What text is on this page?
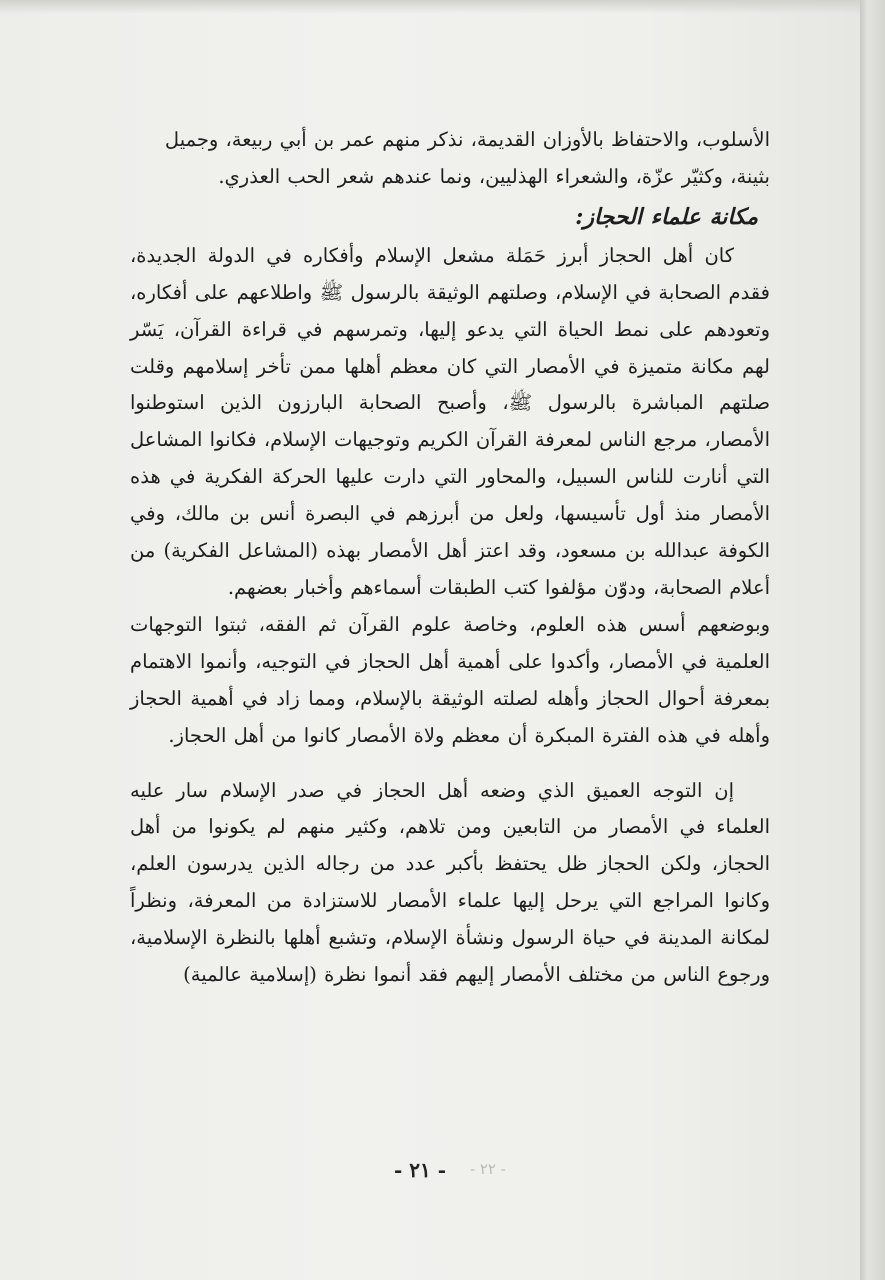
الأسلوب، والاحتفاظ بالأوزان القديمة، نذكر منهم عمر بن أبي ربيعة، وجميل

بثينة، وكثيّر عزّة، والشعراء الهذليين، ونما عندهم شعر الحب العذري.

مكانة علماء الحجاز:

كان أهل الحجاز أبرز حَمَلة مشعل الإسلام وأفكاره في الدولة الجديدة، فقدم الصحابة في الإسلام، وصلتهم الوثيقة بالرسول ﷺ واطلاعهم على أفكاره، وتعودهم على نمط الحياة التي يدعو إليها، وتمرسهم في قراءة القرآن، يَسّر لهم مكانة متميزة في الأمصار التي كان معظم أهلها ممن تأخر إسلامهم وقلت صلتهم المباشرة بالرسول ﷺ، وأصبح الصحابة البارزون الذين استوطنوا الأمصار، مرجع الناس لمعرفة القرآن الكريم وتوجيهات الإسلام، فكانوا المشاعل التي أنارت للناس السبيل، والمحاور التي دارت عليها الحركة الفكرية في هذه الأمصار منذ أول تأسيسها، ولعل من أبرزهم في البصرة أنس بن مالك، وفي الكوفة عبدالله بن مسعود، وقد اعتز أهل الأمصار بهذه (المشاعل الفكرية) من أعلام الصحابة، ودوّن مؤلفوا كتب الطبقات أسماءهم وأخبار بعضهم.

وبوضعهم أسس هذه العلوم، وخاصة علوم القرآن ثم الفقه، ثبتوا التوجهات العلمية في الأمصار، وأكدوا على أهمية أهل الحجاز في التوجيه، وأنموا الاهتمام بمعرفة أحوال الحجاز وأهله لصلته الوثيقة بالإسلام، ومما زاد في أهمية الحجاز وأهله في هذه الفترة المبكرة أن معظم ولاة الأمصار كانوا من أهل الحجاز.

إن التوجه العميق الذي وضعه أهل الحجاز في صدر الإسلام سار عليه العلماء في الأمصار من التابعين ومن تلاهم، وكثير منهم لم يكونوا من أهل الحجاز، ولكن الحجاز ظل يحتفظ بأكبر عدد من رجاله الذين يدرسون العلم، وكانوا المراجع التي يرحل إليها علماء الأمصار للاستزادة من المعرفة، ونظراً لمكانة المدينة في حياة الرسول ونشأة الإسلام، وتشبع أهلها بالنظرة الإسلامية، ورجوع الناس من مختلف الأمصار إليهم فقد أنموا نظرة (إسلامية عالمية)

- ٢١ -	- ٢٢ -
